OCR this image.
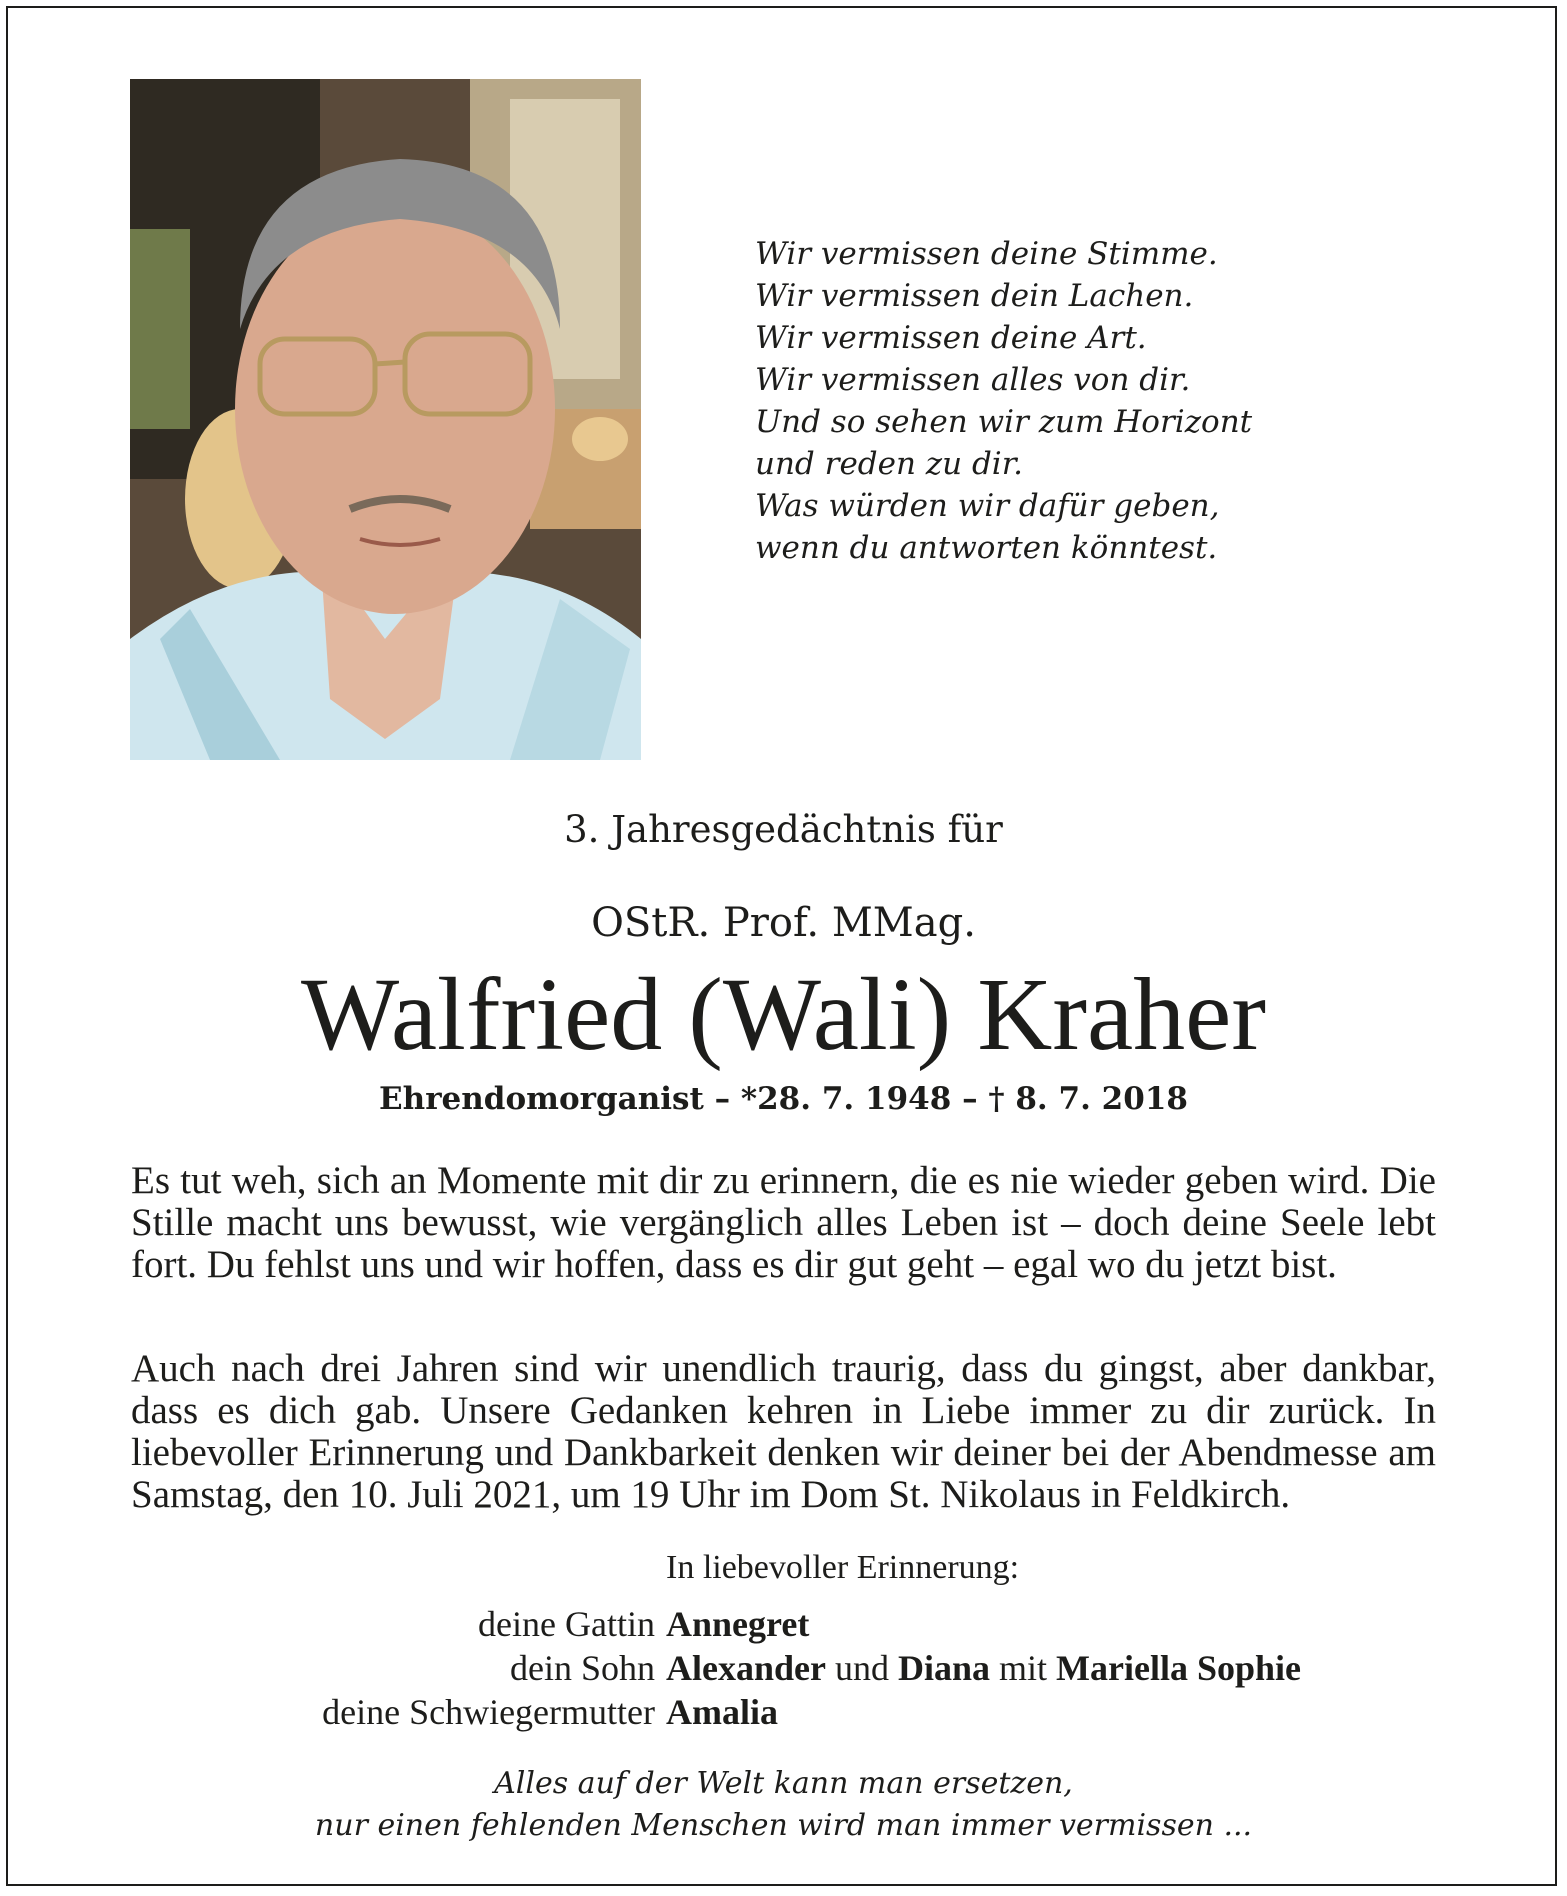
Wir vermissen deine Stimme.
Wir vermissen dein Lachen.
Wir vermissen deine Art.
Wir vermissen alles von dir.
Und so sehen wir zum Horizont
und reden zu dir.
Was würden wir dafür geben,
wenn du antworten könntest.
3. Jahresgedächtnis für
OStR. Prof. MMag.
Walfried (Wali) Kraher
Ehrendomorganist – *28. 7. 1948 – † 8. 7. 2018

Es tut weh, sich an Momente mit dir zu erinnern, die es nie wieder geben wird. Die Stille macht uns bewusst, wie vergänglich alles Leben ist – doch deine Seele lebt fort. Du fehlst uns und wir hoffen, dass es dir gut geht – egal wo du jetzt bist.

Auch nach drei Jahren sind wir unendlich traurig, dass du gingst, aber dankbar, dass es dich gab. Unsere Gedanken kehren in Liebe immer zu dir zurück. In liebevoller Erinnerung und Dankbarkeit denken wir deiner bei der Abendmesse am Samstag, den 10. Juli 2021, um 19 Uhr im Dom St. Nikolaus in Feldkirch.

In liebevoller Erinnerung:
deine Gattin Annegret
dein Sohn Alexander und Diana mit Mariella Sophie
deine Schwiegermutter Amalia
Alles auf der Welt kann man ersetzen,
nur einen fehlenden Menschen wird man immer vermissen ...
